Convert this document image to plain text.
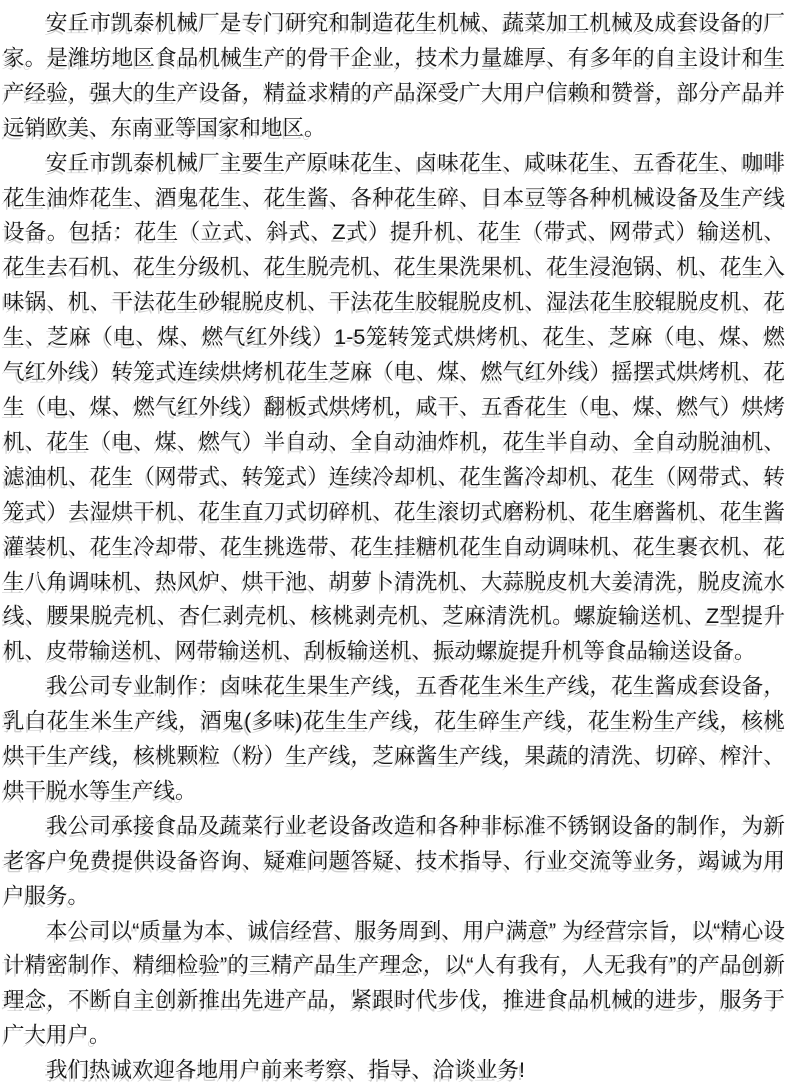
安丘市凯泰机械厂是专门研究和制造花生机械、蔬菜加工机械及成套设备的厂家。是潍坊地区食品机械生产的骨干企业，技术力量雄厚、有多年的自主设计和生产经验，强大的生产设备，精益求精的产品深受广大用户信赖和赞誉，部分产品并远销欧美、东南亚等国家和地区。

安丘市凯泰机械厂主要生产原味花生、卤味花生、咸味花生、五香花生、咖啡花生油炸花生、酒鬼花生、花生酱、各种花生碎、日本豆等各种机械设备及生产线设备。包括：花生（立式、斜式、Z式）提升机、花生（带式、网带式）输送机、花生去石机、花生分级机、花生脱壳机、花生果洗果机、花生浸泡锅、机、花生入味锅、机、干法花生砂辊脱皮机、干法花生胶辊脱皮机、湿法花生胶辊脱皮机、花生、芝麻（电、煤、燃气红外线）1-5笼转笼式烘烤机、花生、芝麻（电、煤、燃气红外线）转笼式连续烘烤机花生芝麻（电、煤、燃气红外线）摇摆式烘烤机、花生（电、煤、燃气红外线）翻板式烘烤机，咸干、五香花生（电、煤、燃气）烘烤机、花生（电、煤、燃气）半自动、全自动油炸机，花生半自动、全自动脱油机、滤油机、花生（网带式、转笼式）连续冷却机、花生酱冷却机、花生（网带式、转笼式）去湿烘干机、花生直刀式切碎机、花生滚切式磨粉机、花生磨酱机、花生酱灌装机、花生冷却带、花生挑选带、花生挂糖机花生自动调味机、花生裹衣机、花生八角调味机、热风炉、烘干池、胡萝卜清洗机、大蒜脱皮机大姜清洗，脱皮流水线、腰果脱壳机、杏仁剥壳机、核桃剥壳机、芝麻清洗机。螺旋输送机、Z型提升机、皮带输送机、网带输送机、刮板输送机、振动螺旋提升机等食品输送设备。

我公司专业制作：卤味花生果生产线，五香花生米生产线，花生酱成套设备，乳白花生米生产线，酒鬼(多味)花生生产线，花生碎生产线，花生粉生产线，核桃烘干生产线，核桃颗粒（粉）生产线，芝麻酱生产线，果蔬的清洗、切碎、榨汁、烘干脱水等生产线。

我公司承接食品及蔬菜行业老设备改造和各种非标准不锈钢设备的制作，为新老客户免费提供设备咨询、疑难问题答疑、技术指导、行业交流等业务，竭诚为用户服务。

本公司以“质量为本、诚信经营、服务周到、用户满意” 为经营宗旨，以“精心设计精密制作、精细检验”的三精产品生产理念，以“人有我有，人无我有”的产品创新理念，不断自主创新推出先进产品，紧跟时代步伐，推进食品机械的进步，服务于广大用户。

我们热诚欢迎各地用户前来考察、指导、洽谈业务!
